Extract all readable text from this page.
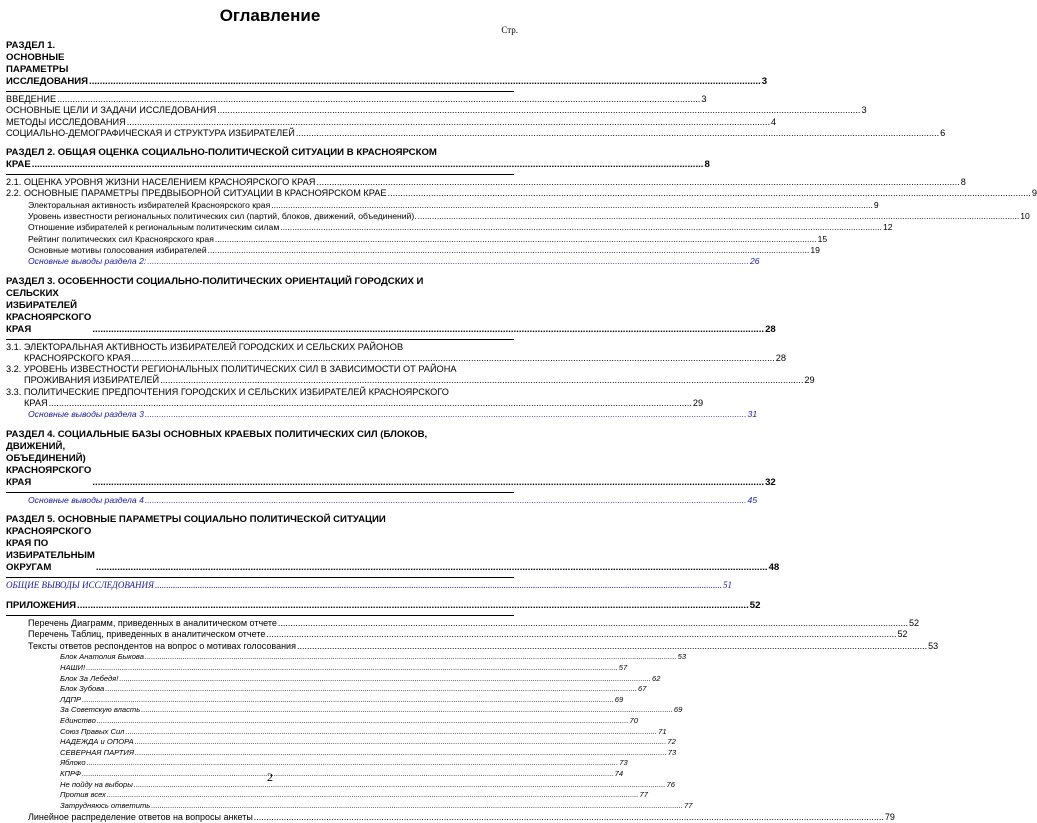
Оглавление
Стр.
РАЗДЕЛ 1. ОСНОВНЫЕ ПАРАМЕТРЫ ИССЛЕДОВАНИЯ .....	3
ВВЕДЕНИЕ .....	3
ОСНОВНЫЕ ЦЕЛИ И ЗАДАЧИ ИССЛЕДОВАНИЯ .....	3
МЕТОДЫ ИССЛЕДОВАНИЯ .....	4
СОЦИАЛЬНО-ДЕМОГРАФИЧЕСКАЯ И СТРУКТУРА ИЗБИРАТЕЛЕЙ .....	6
РАЗДЕЛ 2. ОБЩАЯ ОЦЕНКА СОЦИАЛЬНО-ПОЛИТИЧЕСКОЙ СИТУАЦИИ В КРАСНОЯРСКОМ
КРАЕ .....	8
2.1. ОЦЕНКА УРОВНЯ ЖИЗНИ НАСЕЛЕНИЕМ КРАСНОЯРСКОГО КРАЯ .....	8
2.2. ОСНОВНЫЕ ПАРАМЕТРЫ ПРЕДВЫБОРНОЙ СИТУАЦИИ В КРАСНОЯРСКОМ КРАЕ .....	9
Электоральная активность избирателей Красноярского края .....	9
Уровень известности региональных политических сил (партий, блоков, движений, объединений). .....	10
Отношение избирателей к региональным политическим силам .....	12
Рейтинг политических сил Красноярского края .....	15
Основные мотивы голосования избирателей .....	19
Основные выводы раздела 2: .....	26
РАЗДЕЛ 3. ОСОБЕННОСТИ СОЦИАЛЬНО-ПОЛИТИЧЕСКИХ ОРИЕНТАЦИЙ ГОРОДСКИХ И
СЕЛЬСКИХ ИЗБИРАТЕЛЕЙ КРАСНОЯРСКОГО КРАЯ .....	28
3.1. ЭЛЕКТОРАЛЬНАЯ АКТИВНОСТЬ ИЗБИРАТЕЛЕЙ ГОРОДСКИХ И СЕЛЬСКИХ РАЙОНОВ
КРАСНОЯРСКОГО КРАЯ .....	28
3.2. УРОВЕНЬ ИЗВЕСТНОСТИ РЕГИОНАЛЬНЫХ ПОЛИТИЧЕСКИХ СИЛ В ЗАВИСИМОСТИ ОТ РАЙОНА
ПРОЖИВАНИЯ ИЗБИРАТЕЛЕЙ .....	29
3.3. ПОЛИТИЧЕСКИЕ ПРЕДПОЧТЕНИЯ ГОРОДСКИХ И СЕЛЬСКИХ ИЗБИРАТЕЛЕЙ КРАСНОЯРСКОГО
КРАЯ .....	29
Основные выводы раздела 3 .....	31
РАЗДЕЛ 4. СОЦИАЛЬНЫЕ БАЗЫ ОСНОВНЫХ КРАЕВЫХ ПОЛИТИЧЕСКИХ СИЛ (БЛОКОВ,
ДВИЖЕНИЙ, ОБЪЕДИНЕНИЙ) КРАСНОЯРСКОГО КРАЯ .....	32
Основные выводы раздела 4 .....	45
РАЗДЕЛ 5. ОСНОВНЫЕ ПАРАМЕТРЫ СОЦИАЛЬНО ПОЛИТИЧЕСКОЙ СИТУАЦИИ
КРАСНОЯРСКОГО КРАЯ ПО ИЗБИРАТЕЛЬНЫМ ОКРУГАМ .....	48
ОБЩИЕ ВЫВОДЫ ИССЛЕДОВАНИЯ .....	51
ПРИЛОЖЕНИЯ .....	52
Перечень Диаграмм, приведенных в аналитическом отчете .....	52
Перечень Таблиц, приведенных в аналитическом отчете .....	52
Тексты ответов респондентов на вопрос о мотивах голосования .....	53
Блок Анатолия Быкова .....	53
НАШИ! .....	57
Блок За Лебедя! .....	62
Блок Зубова .....	67
ЛДПР .....	69
За Советскую власть .....	69
Единство .....	70
Союз Правых Сил .....	71
НАДЕЖДА и ОПОРА .....	72
СЕВЕРНАЯ ПАРТИЯ .....	73
Яблоко .....	73
КПРФ .....	74
Не пойду на выборы .....	76
Против всех .....	77
Затрудняюсь ответить .....	77
Линейное распределение ответов на вопросы анкеты .....	79
2
